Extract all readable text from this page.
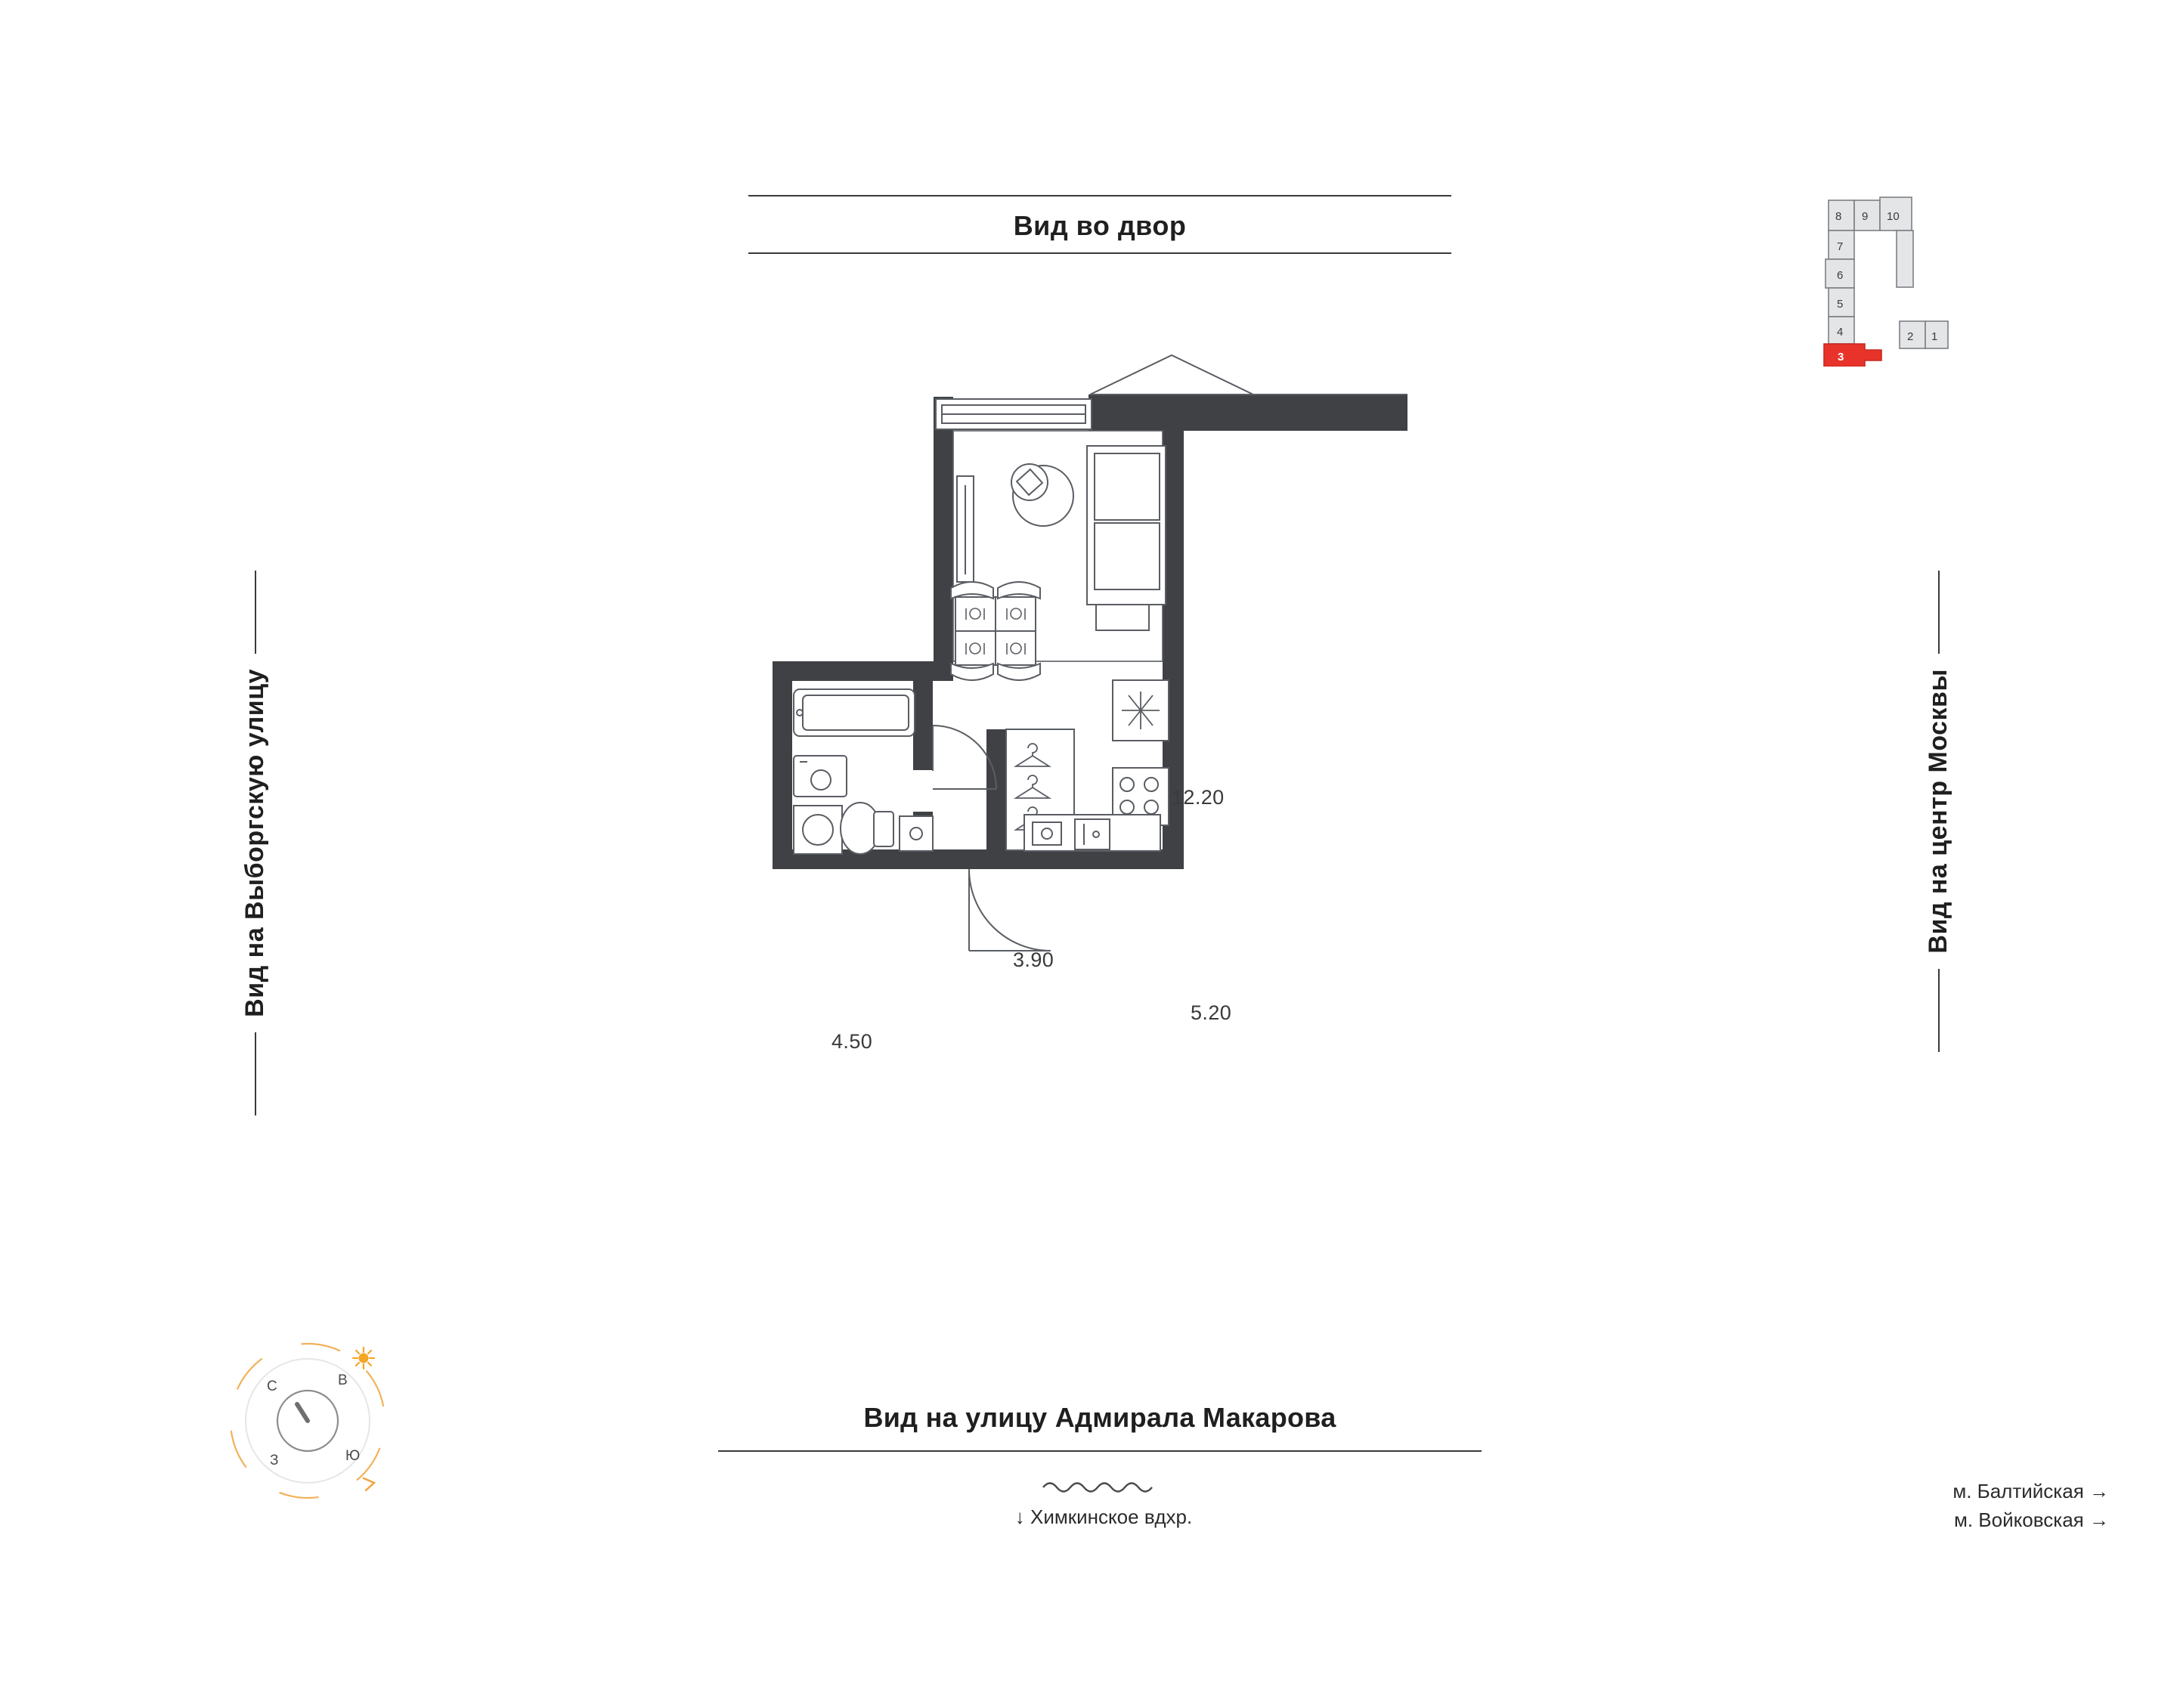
Вид во двор
Вид на Выборгскую улицу	Вид на центр Москвы
Вид на улицу Адмирала Макарова
↓ Химкинское вдхр.
м. Балтийская →
м. Войковская →
С	В
Ю
З
8 9 10
7
6
5
4	2 1
3
12.20
3.90
4.50
5.20
